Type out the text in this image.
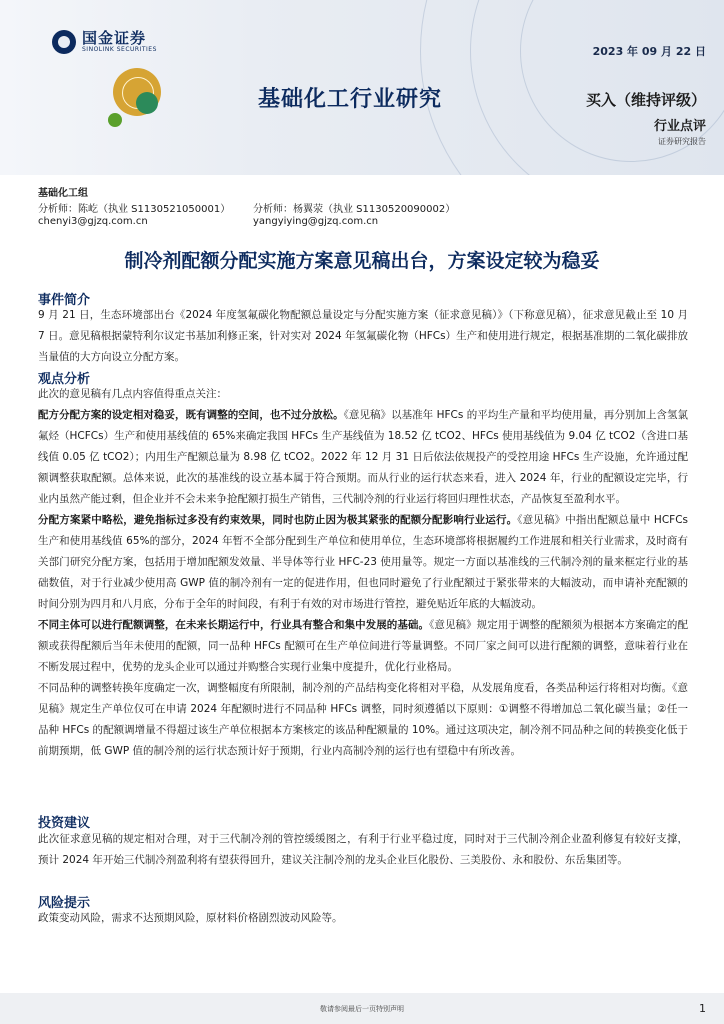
国金证券
SINOLINK SECURITIES	2023 年 09 月 22 日
基础化工行业研究	买入（维持评级）
行业点评
证券研究报告
基础化工组
分析师：陈屹（执业 S1130521050001）
chenyi3@gjzq.com.cn
分析师：杨翼荥（执业 S1130520090002）
yangyiying@gjzq.com.cn
制冷剂配额分配实施方案意见稿出台，方案设定较为稳妥
事件简介

9 月 21 日，生态环境部出台《2024 年度氢氟碳化物配额总量设定与分配实施方案（征求意见稿）》（下称意见稿），征求意见截止至 10 月 7 日。意见稿根据蒙特利尔议定书基加利修正案，针对实对 2024 年氢氟碳化物（HFCs）生产和使用进行规定，根据基准期的二氧化碳排放当量值的大方向设立分配方案。

观点分析

此次的意见稿有几点内容值得重点关注：

配方分配方案的设定相对稳妥，既有调整的空间，也不过分放松。《意见稿》以基准年 HFCs 的平均生产量和平均使用量，再分别加上含氢氯氟烃（HCFCs）生产和使用基线值的 65%来确定我国 HFCs 生产基线值为 18.52 亿 tCO2、HFCs 使用基线值为 9.04 亿 tCO2（含进口基线值 0.05 亿 tCO2）；内用生产配额总量为 8.98 亿 tCO2。2022 年 12 月 31 日后依法依规投产的受控用途 HFCs 生产设施，允许通过配额调整获取配额。总体来说，此次的基准线的设立基本属于符合预期。而从行业的运行状态来看，进入 2024 年，行业的配额设定完毕，行业内虽然产能过剩，但企业并不会未来争抢配额打损生产销售，三代制冷剂的行业运行将回归理性状态，产品恢复至盈利水平。

分配方案紧中略松，避免指标过多没有约束效果，同时也防止因为极其紧张的配额分配影响行业运行。《意见稿》中指出配额总量中 HCFCs 生产和使用基线值 65%的部分，2024 年暂不全部分配到生产单位和使用单位，生态环境部将根据履约工作进展和相关行业需求，及时商有关部门研究分配方案，包括用于增加配额发效量、半导体等行业 HFC-23 使用量等。规定一方面以基准线的三代制冷剂的量来框定行业的基础数值，对于行业减少使用高 GWP 值的制冷剂有一定的促进作用，但也同时避免了行业配额过于紧张带来的大幅波动，而申请补充配额的时间分别为四月和八月底，分布于全年的时间段，有利于有效的对市场进行管控，避免贴近年底的大幅波动。

不同主体可以进行配额调整，在未来长期运行中，行业具有整合和集中发展的基础。《意见稿》规定用于调整的配额须为根据本方案确定的配额或获得配额后当年未使用的配额，同一品种 HFCs 配额可在生产单位间进行等量调整。不同厂家之间可以进行配额的调整，意味着行业在不断发展过程中，优势的龙头企业可以通过并购整合实现行业集中度提升，优化行业格局。

不同品种的调整转换年度确定一次，调整幅度有所限制，制冷剂的产品结构变化将相对平稳，从发展角度看，各类品种运行将相对均衡。《意见稿》规定生产单位仅可在申请 2024 年配额时进行不同品种 HFCs 调整，同时须遵循以下原则：①调整不得增加总二氧化碳当量；②任一品种 HFCs 的配额调增量不得超过该生产单位根据本方案核定的该品种配额量的 10%。通过这项决定，制冷剂不同品种之间的转换变化低于前期预期，低 GWP 值的制冷剂的运行状态预计好于预期，行业内高制冷剂的运行也有望稳中有所改善。

投资建议

此次征求意见稿的规定相对合理，对于三代制冷剂的管控缓缓图之，有利于行业平稳过度，同时对于三代制冷剂企业盈利修复有较好支撑，预计 2024 年开始三代制冷剂盈利将有望获得回升，建议关注制冷剂的龙头企业巨化股份、三美股份、永和股份、东岳集团等。

风险提示

政策变动风险，需求不达预期风险，原材料价格剧烈波动风险等。

敬请参阅最后一页特别声明	1
